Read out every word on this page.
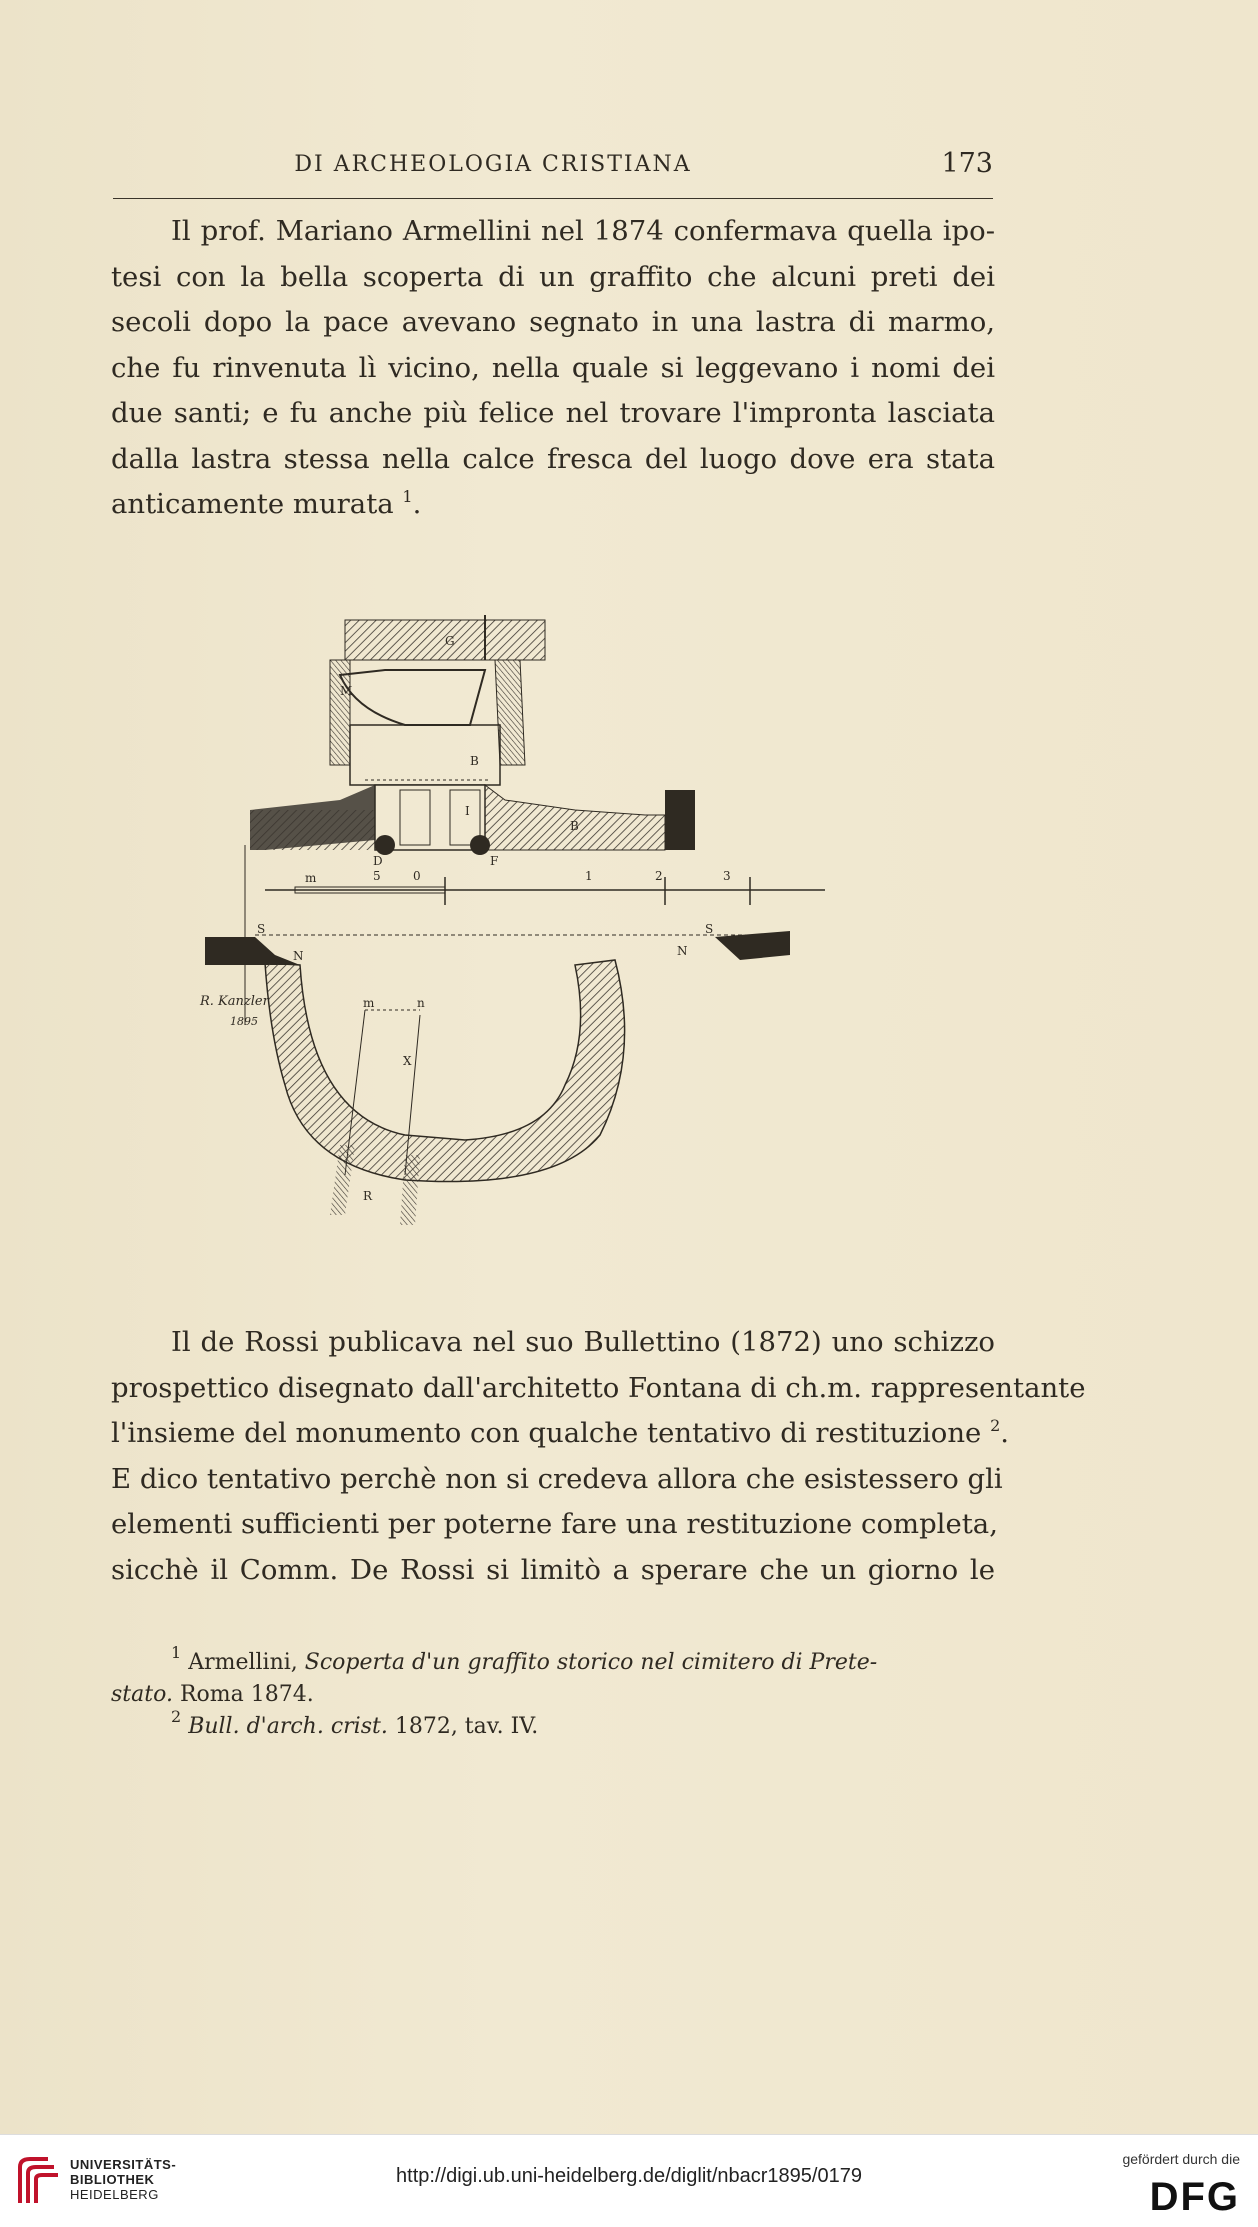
DI ARCHEOLOGIA CRISTIANA	173
Il prof. Mariano Armellini nel 1874 confermava quella ipo-
tesi con la bella scoperta di un graffito che alcuni preti dei
secoli dopo la pace avevano segnato in una lastra di marmo,
che fu rinvenuta lì vicino, nella quale si leggevano i nomi dei
due santi; e fu anche più felice nel trovare l'impronta lasciata
dalla lastra stessa nella calce fresca del luogo dove era stata
anticamente murata $^1$.
G
M
B
B
I
D	F
m	5	0	1	2	3
S	S
N	N
m	n
X
R
R. Kanzler
1895
Il de Rossi publicava nel suo Bullettino (1872) uno schizzo
prospettico disegnato dall'architetto Fontana di ch.m. rappresentante
l'insieme del monumento con qualche tentativo di restituzione $^2$.
E dico tentativo perchè non si credeva allora che esistessero gli
elementi sufficienti per poterne fare una restituzione completa,
sicchè il Comm. De Rossi si limitò a sperare che un giorno le
$^1$ Armellini, Scoperta d'un graffito storico nel cimitero di Prete-
stato. Roma 1874.
$^2$ Bull. d'arch. crist. 1872, tav. IV.
UNIVERSITÄTS-
BIBLIOTHEK
HEIDELBERG
http://digi.ub.uni-heidelberg.de/diglit/nbacr1895/0179
gefördert durch die
DFG
